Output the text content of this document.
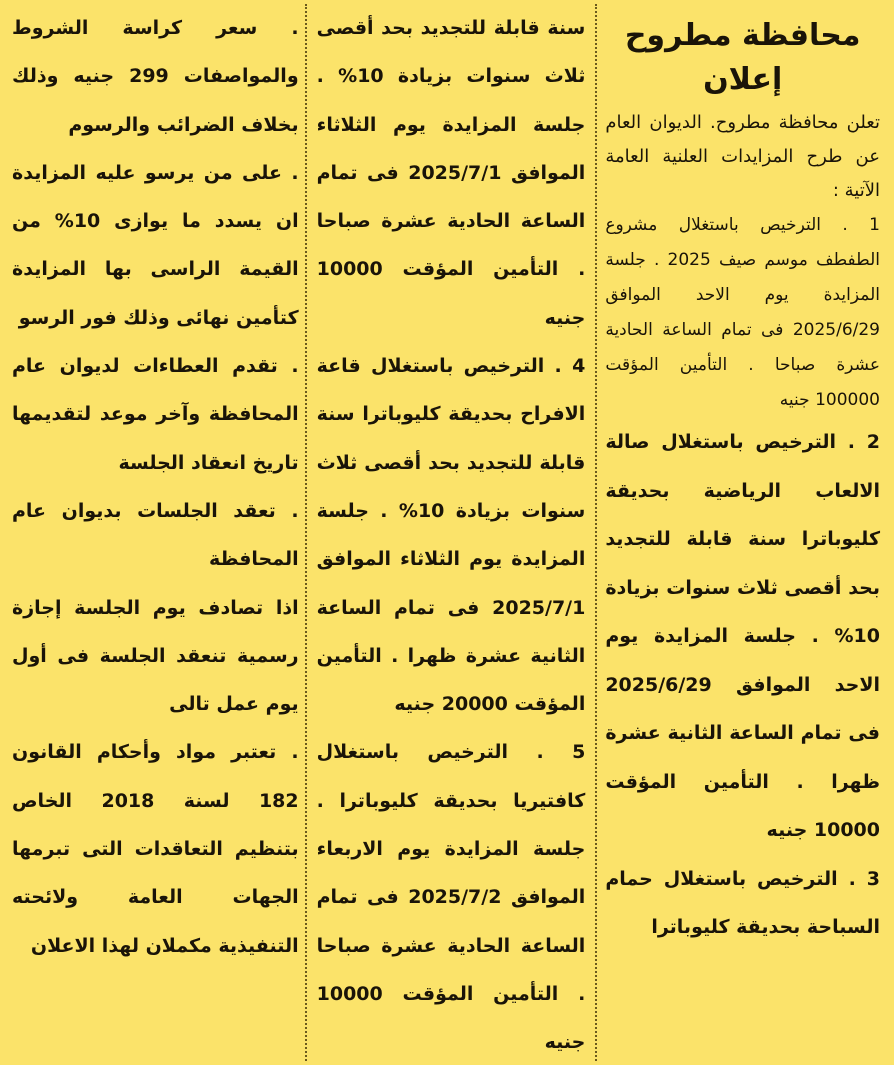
محافظة مطروح

إعلان

تعلن محافظة مطروح. الديوان العام عن طرح المزايدات العلنية العامة الآتية :

1 . الترخيص باستغلال مشروع الطفطف موسم صيف 2025 . جلسة المزايدة يوم الاحد الموافق 2025/6/29 فى تمام الساعة الحادية عشرة صباحا . التأمين المؤقت 100000 جنيه

2 . الترخيص باستغلال صالة الالعاب الرياضية بحديقة كليوباترا سنة قابلة للتجديد بحد أقصى ثلاث سنوات بزيادة 10% . جلسة المزايدة يوم الاحد الموافق 2025/6/29 فى تمام الساعة الثانية عشرة ظهرا . التأمين المؤقت 10000 جنيه

3 . الترخيص باستغلال حمام السباحة بحديقة كليوباترا

سنة قابلة للتجديد بحد أقصى ثلاث سنوات بزيادة 10% . جلسة المزايدة يوم الثلاثاء الموافق 2025/7/1 فى تمام الساعة الحادية عشرة صباحا . التأمين المؤقت 10000 جنيه

4 . الترخيص باستغلال قاعة الافراح بحديقة كليوباترا سنة قابلة للتجديد بحد أقصى ثلاث سنوات بزيادة 10% . جلسة المزايدة يوم الثلاثاء الموافق 2025/7/1 فى تمام الساعة الثانية عشرة ظهرا . التأمين المؤقت 20000 جنيه

5 . الترخيص باستغلال كافتيريا بحديقة كليوباترا . جلسة المزايدة يوم الاربعاء الموافق 2025/7/2 فى تمام الساعة الحادية عشرة صباحا . التأمين المؤقت 10000 جنيه

. سعر كراسة الشروط والمواصفات 299 جنيه وذلك بخلاف الضرائب والرسوم

. على من يرسو عليه المزايدة ان يسدد ما يوازى 10% من القيمة الراسى بها المزايدة كتأمين نهائى وذلك فور الرسو

. تقدم العطاءات لديوان عام المحافظة وآخر موعد لتقديمها تاريخ انعقاد الجلسة

. تعقد الجلسات بديوان عام المحافظة

اذا تصادف يوم الجلسة إجازة رسمية تنعقد الجلسة فى أول يوم عمل تالى

. تعتبر مواد وأحكام القانون 182 لسنة 2018 الخاص بتنظيم التعاقدات التى تبرمها الجهات العامة ولائحته التنفيذية مكملان لهذا الاعلان
